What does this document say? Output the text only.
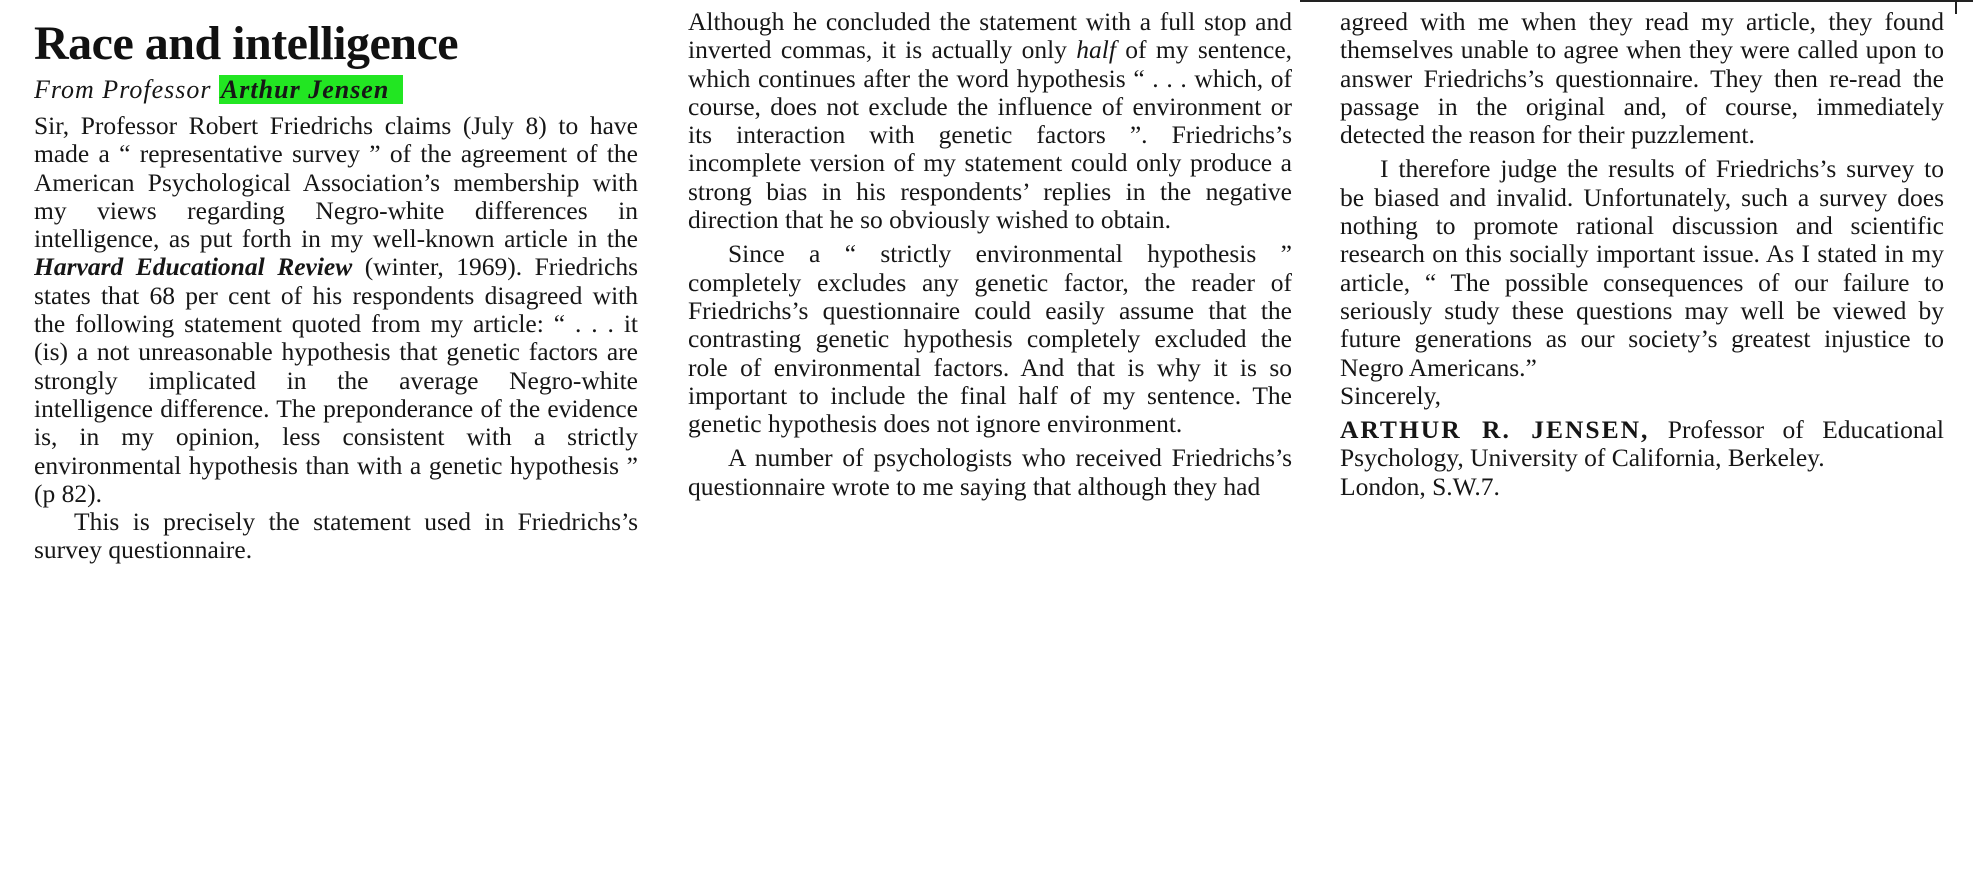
Race and intelligence
From Professor Arthur Jensen

Sir, Professor Robert Friedrichs claims (July 8) to have made a “ representative survey ” of the agreement of the American Psychological Association’s membership with my views regarding Negro-white differences in intelligence, as put forth in my well-known article in the Harvard Educational Review (winter, 1969). Friedrichs states that 68 per cent of his respondents disagreed with the following statement quoted from my article: “ . . . it (is) a not unreasonable hypothesis that genetic factors are strongly implicated in the average Negro-white intelligence difference. The preponderance of the evidence is, in my opinion, less consistent with a strictly environmental hypothesis than with a genetic hypothesis ” (p 82).

This is precisely the statement used in Friedrichs’s survey questionnaire.

Although he concluded the statement with a full stop and inverted commas, it is actually only half of my sentence, which continues after the word hypothesis “ . . . which, of course, does not exclude the influence of environment or its interaction with genetic factors ”. Friedrichs’s incomplete version of my statement could only produce a strong bias in his respondents’ replies in the negative direction that he so obviously wished to obtain.

Since a “ strictly environmental hypothesis ” completely excludes any genetic factor, the reader of Friedrichs’s questionnaire could easily assume that the contrasting genetic hypothesis completely excluded the role of environmental factors. And that is why it is so important to include the final half of my sentence. The genetic hypothesis does not ignore environment.

A number of psychologists who received Friedrichs’s questionnaire wrote to me saying that although they had

agreed with me when they read my article, they found themselves unable to agree when they were called upon to answer Friedrichs’s questionnaire. They then re-read the passage in the original and, of course, immediately detected the reason for their puzzlement.

I therefore judge the results of Friedrichs’s survey to be biased and invalid. Unfortunately, such a survey does nothing to promote rational discussion and scientific research on this socially important issue. As I stated in my article, “ The possible consequences of our failure to seriously study these questions may well be viewed by future generations as our society’s greatest injustice to Negro Americans.”

Sincerely,

ARTHUR R. JENSEN, Professor of Educational Psychology, University of California, Berkeley.

London, S.W.7.
